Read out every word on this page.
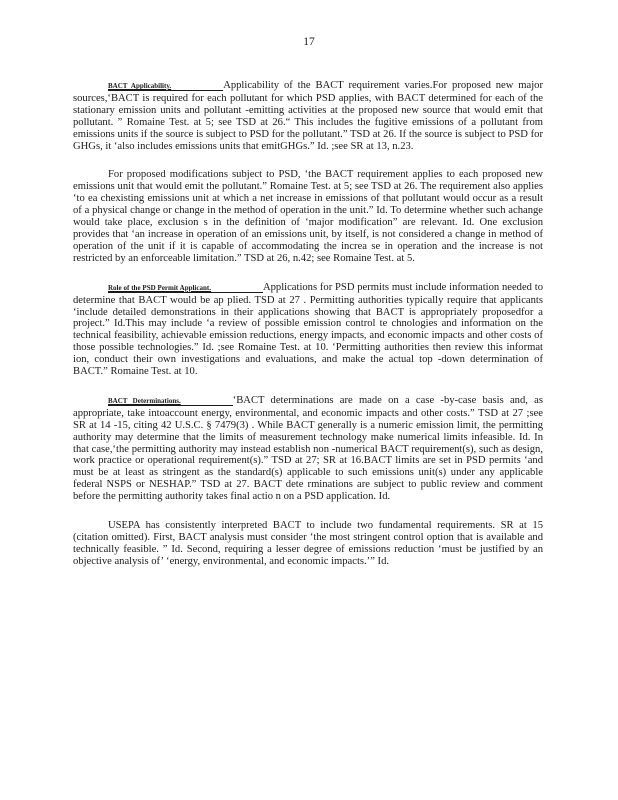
17

BACT Applicability.	Applicability of the BACT requirement varies.For proposed new major sources,‘BACT is required for each pollutant for which PSD applies, with BACT determined for each of the stationary emission units and pollutant -emitting activities at the proposed new source that would emit that pollutant. ” Romaine Test. at 5; see TSD at 26.“ This includes the fugitive emissions of a pollutant from emissions units if the source is subject to PSD for the pollutant.” TSD at 26. If the source is subject to PSD for GHGs, it ‘also includes emissions units that emitGHGs.” Id. ;see SR at 13, n.23.

For proposed modifications subject to PSD, ‘the BACT requirement applies to each proposed new emissions unit that would emit the pollutant.” Romaine Test. at 5; see TSD at 26. The requirement also applies ‘to ea chexisting emissions unit at which a net increase in emissions of that pollutant would occur as a result of a physical change or change in the method of operation in the unit.” Id. To determine whether such achange would take place, exclusion s in the definition of ‘major modification” are relevant. Id. One exclusion provides that ‘an increase in operation of an emissions unit, by itself, is not considered a change in method of operation of the unit if it is capable of accommodating the increa se in operation and the increase is not restricted by an enforceable limitation.” TSD at 26, n.42; see Romaine Test. at 5.

Role of the PSD Permit Applicant.	Applications for PSD permits must include information needed to determine that BACT would be ap plied. TSD at 27 . Permitting authorities typically require that applicants ‘include detailed demonstrations in their applications showing that BACT is appropriately proposedfor a project.” Id.This may include ‘a review of possible emission control te chnologies and information on the technical feasibility, achievable emission reductions, energy impacts, and economic impacts and other costs of those possible technologies.” Id. ;see Romaine Test. at 10. ‘Permitting authorities then review this informat ion, conduct their own investigations and evaluations, and make the actual top -down determination of BACT.” Romaine Test. at 10.

BACT Determinations.	‘BACT determinations are made on a case -by-case basis and, as appropriate, take intoaccount energy, environmental, and economic impacts and other costs.” TSD at 27 ;see SR at 14 -15, citing 42 U.S.C. § 7479(3) . While BACT generally is a numeric emission limit, the permitting authority may determine that the limits of measurement technology make numerical limits infeasible. Id. In that case,‘the permitting authority may instead establish non -numerical BACT requirement(s), such as design, work practice or operational requirement(s).” TSD at 27; SR at 16.BACT limits are set in PSD permits ‘and must be at least as stringent as the standard(s) applicable to such emissions unit(s) under any applicable federal NSPS or NESHAP.” TSD at 27. BACT dete rminations are subject to public review and comment before the permitting authority takes final actio n on a PSD application. Id.

USEPA has consistently interpreted BACT to include two fundamental requirements. SR at 15 (citation omitted). First, BACT analysis must consider ‘the most stringent control option that is available and technically feasible. ” Id. Second, requiring a lesser degree of emissions reduction ‘must be justified by an objective analysis of’ ‘energy, environmental, and economic impacts.’” Id.
